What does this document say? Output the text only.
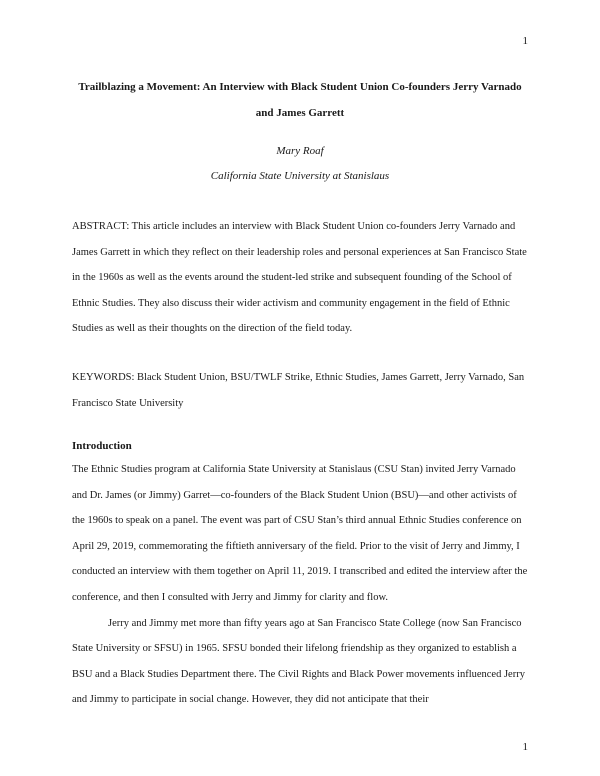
1
Trailblazing a Movement: An Interview with Black Student Union Co-founders Jerry Varnado and James Garrett
Mary Roaf
California State University at Stanislaus

ABSTRACT: This article includes an interview with Black Student Union co-founders Jerry Varnado and James Garrett in which they reflect on their leadership roles and personal experiences at San Francisco State in the 1960s as well as the events around the student-led strike and subsequent founding of the School of Ethnic Studies. They also discuss their wider activism and community engagement in the field of Ethnic Studies as well as their thoughts on the direction of the field today.

KEYWORDS: Black Student Union, BSU/TWLF Strike, Ethnic Studies, James Garrett, Jerry Varnado, San Francisco State University

Introduction

The Ethnic Studies program at California State University at Stanislaus (CSU Stan) invited Jerry Varnado and Dr. James (or Jimmy) Garret—co-founders of the Black Student Union (BSU)—and other activists of the 1960s to speak on a panel. The event was part of CSU Stan’s third annual Ethnic Studies conference on April 29, 2019, commemorating the fiftieth anniversary of the field. Prior to the visit of Jerry and Jimmy, I conducted an interview with them together on April 11, 2019. I transcribed and edited the interview after the conference, and then I consulted with Jerry and Jimmy for clarity and flow.

Jerry and Jimmy met more than fifty years ago at San Francisco State College (now San Francisco State University or SFSU) in 1965. SFSU bonded their lifelong friendship as they organized to establish a BSU and a Black Studies Department there. The Civil Rights and Black Power movements influenced Jerry and Jimmy to participate in social change. However, they did not anticipate that their

1
